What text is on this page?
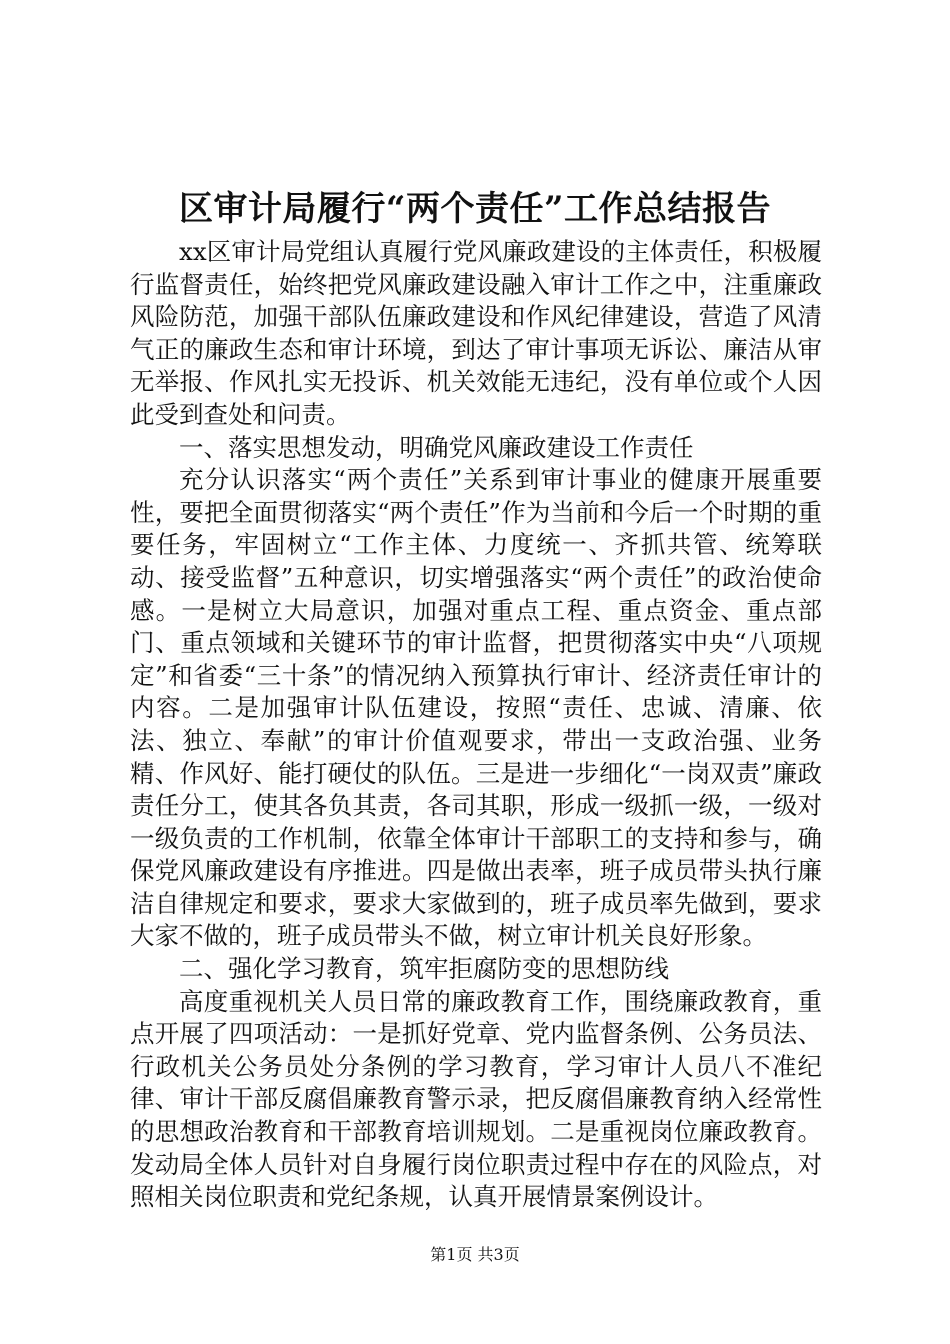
区审计局履行“两个责任”工作总结报告

xx区审计局党组认真履行党风廉政建设的主体责任，积极履行监督责任，始终把党风廉政建设融入审计工作之中，注重廉政风险防范，加强干部队伍廉政建设和作风纪律建设，营造了风清气正的廉政生态和审计环境，到达了审计事项无诉讼、廉洁从审无举报、作风扎实无投诉、机关效能无违纪，没有单位或个人因此受到查处和问责。

一、落实思想发动，明确党风廉政建设工作责任

充分认识落实“两个责任”关系到审计事业的健康开展重要性，要把全面贯彻落实“两个责任”作为当前和今后一个时期的重要任务，牢固树立“工作主体、力度统一、齐抓共管、统筹联动、接受监督”五种意识，切实增强落实“两个责任”的政治使命感。一是树立大局意识，加强对重点工程、重点资金、重点部门、重点领域和关键环节的审计监督，把贯彻落实中央“八项规定”和省委“三十条”的情况纳入预算执行审计、经济责任审计的内容。二是加强审计队伍建设，按照“责任、忠诚、清廉、依法、独立、奉献”的审计价值观要求，带出一支政治强、业务精、作风好、能打硬仗的队伍。三是进一步细化“一岗双责”廉政责任分工，使其各负其责，各司其职，形成一级抓一级，一级对一级负责的工作机制，依靠全体审计干部职工的支持和参与，确保党风廉政建设有序推进。四是做出表率，班子成员带头执行廉洁自律规定和要求，要求大家做到的，班子成员率先做到，要求大家不做的，班子成员带头不做，树立审计机关良好形象。

二、强化学习教育，筑牢拒腐防变的思想防线

高度重视机关人员日常的廉政教育工作，围绕廉政教育，重点开展了四项活动：一是抓好党章、党内监督条例、公务员法、行政机关公务员处分条例的学习教育，学习审计人员八不准纪律、审计干部反腐倡廉教育警示录，把反腐倡廉教育纳入经常性的思想政治教育和干部教育培训规划。二是重视岗位廉政教育。发动局全体人员针对自身履行岗位职责过程中存在的风险点，对照相关岗位职责和党纪条规，认真开展情景案例设计。

第1页 共3页
